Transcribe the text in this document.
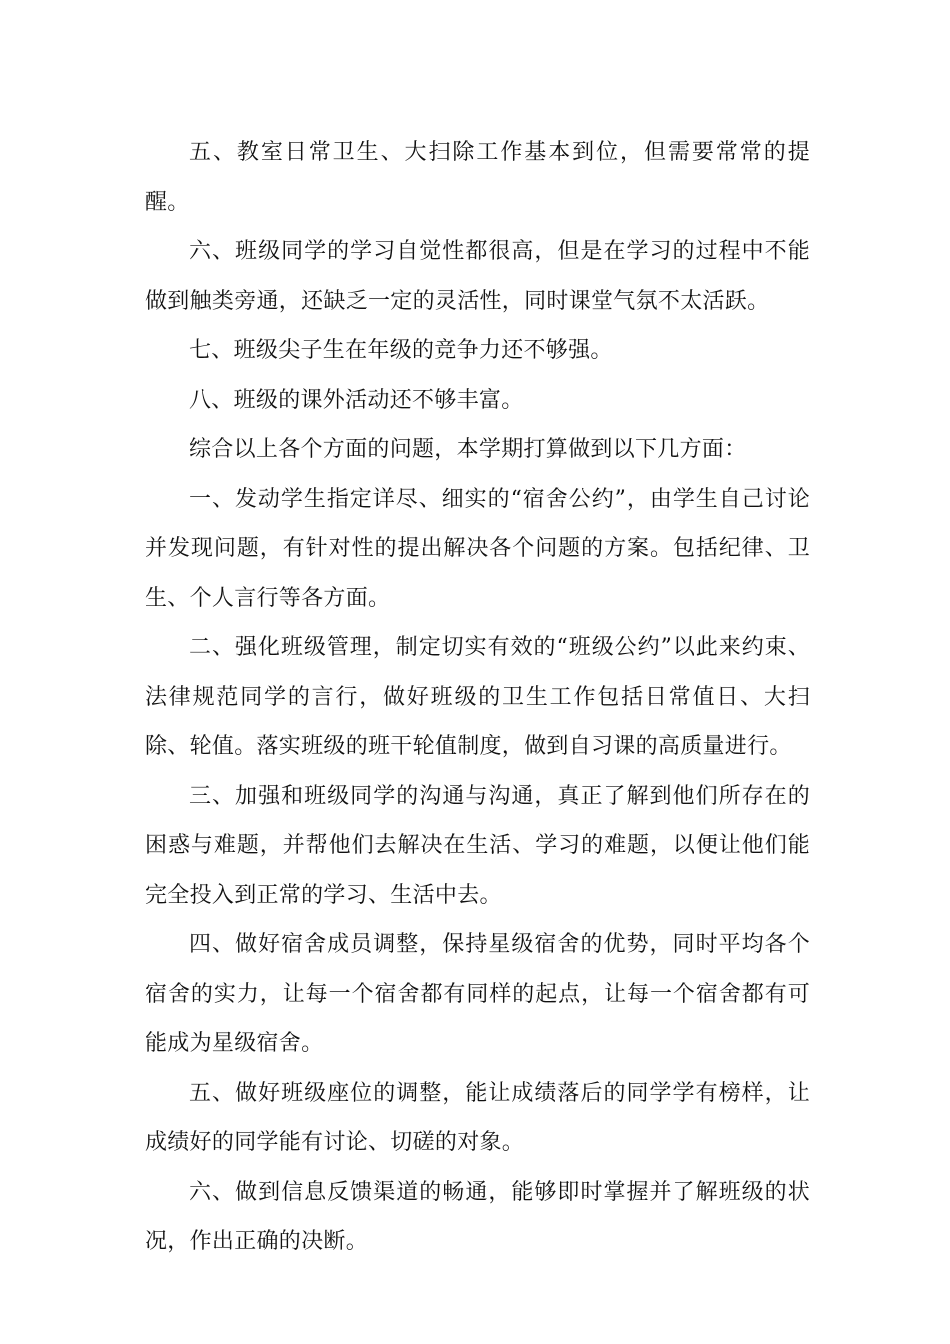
五、教室日常卫生、大扫除工作基本到位，但需要常常的提醒。

六、班级同学的学习自觉性都很高，但是在学习的过程中不能做到触类旁通，还缺乏一定的灵活性，同时课堂气氛不太活跃。

七、班级尖子生在年级的竞争力还不够强。

八、班级的课外活动还不够丰富。

综合以上各个方面的问题，本学期打算做到以下几方面：

一、发动学生指定详尽、细实的“宿舍公约”，由学生自己讨论并发现问题，有针对性的提出解决各个问题的方案。包括纪律、卫生、个人言行等各方面。

二、强化班级管理，制定切实有效的“班级公约”以此来约束、法律规范同学的言行，做好班级的卫生工作包括日常值日、大扫除、轮值。落实班级的班干轮值制度，做到自习课的高质量进行。

三、加强和班级同学的沟通与沟通，真正了解到他们所存在的困惑与难题，并帮他们去解决在生活、学习的难题，以便让他们能完全投入到正常的学习、生活中去。

四、做好宿舍成员调整，保持星级宿舍的优势，同时平均各个宿舍的实力，让每一个宿舍都有同样的起点，让每一个宿舍都有可能成为星级宿舍。

五、做好班级座位的调整，能让成绩落后的同学学有榜样，让成绩好的同学能有讨论、切磋的对象。

六、做到信息反馈渠道的畅通，能够即时掌握并了解班级的状况，作出正确的决断。
